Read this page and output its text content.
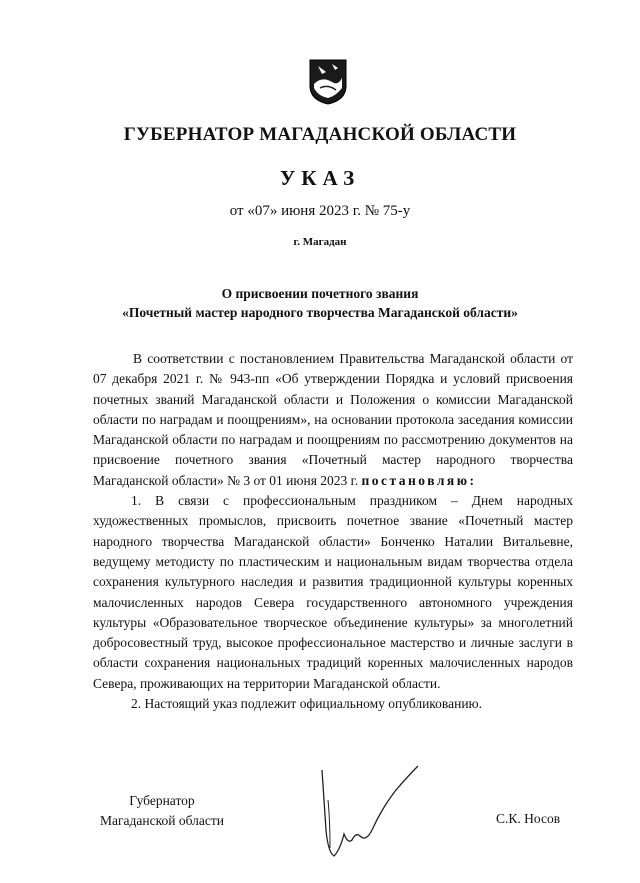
ГУБЕРНАТОР МАГАДАНСКОЙ ОБЛАСТИ
УКАЗ
от «07» июня 2023 г. № 75-у
г. Магадан
О присвоении почетного звания
«Почетный мастер народного творчества Магаданской области»

В соответствии с постановлением Правительства Магаданской области от 07 декабря 2021 г. № 943-пп «Об утверждении Порядка и условий присвоения почетных званий Магаданской области и Положения о комиссии Магаданской области по наградам и поощрениям», на основании протокола заседания комиссии Магаданской области по наградам и поощрениям по рассмотрению документов на присвоение почетного звания «Почетный мастер народного творчества Магаданской области» № 3 от 01 июня 2023 г. постановляю:

1. В связи с профессиональным праздником – Днем народных художественных промыслов, присвоить почетное звание «Почетный мастер народного творчества Магаданской области» Бонченко Наталии Витальевне, ведущему методисту по пластическим и национальным видам творчества отдела сохранения культурного наследия и развития традиционной культуры коренных малочисленных народов Севера государственного автономного учреждения культуры «Образовательное творческое объединение культуры» за многолетний добросовестный труд, высокое профессиональное мастерство и личные заслуги в области сохранения национальных традиций коренных малочисленных народов Севера, проживающих на территории Магаданской области.

2. Настоящий указ подлежит официальному опубликованию.

Губернатор
Магаданской области	С.К. Носов
